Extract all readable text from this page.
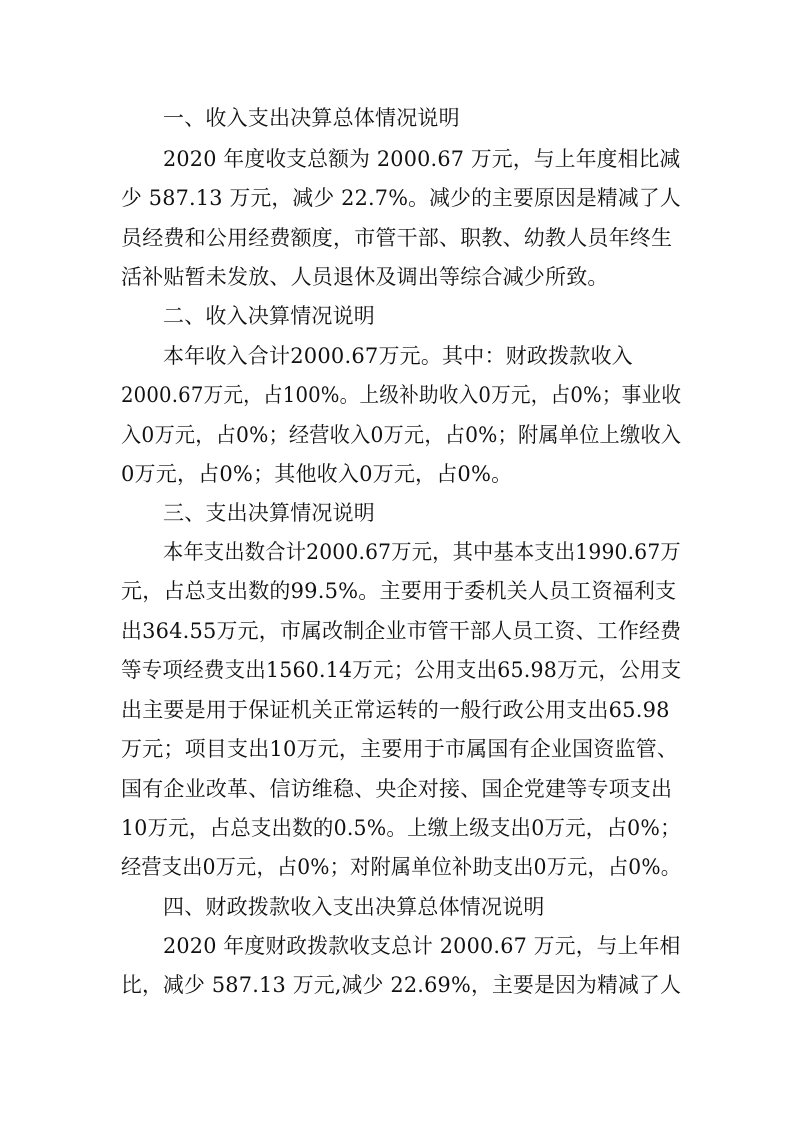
一、收入支出决算总体情况说明

2020 年度收支总额为 2000.67 万元，与上年度相比减

少 587.13 万元，减少 22.7%。减少的主要原因是精减了人

员经费和公用经费额度，市管干部、职教、幼教人员年终生

活补贴暂未发放、人员退休及调出等综合减少所致。

二、收入决算情况说明

本年收入合计2000.67万元。其中：财政拨款收入

2000.67万元，占100%。上级补助收入0万元，占0%；事业收

入0万元，占0%；经营收入0万元，占0%；附属单位上缴收入

0万元，占0%；其他收入0万元，占0%。

三、支出决算情况说明

本年支出数合计2000.67万元，其中基本支出1990.67万

元，占总支出数的99.5%。主要用于委机关人员工资福利支

出364.55万元，市属改制企业市管干部人员工资、工作经费

等专项经费支出1560.14万元；公用支出65.98万元，公用支

出主要是用于保证机关正常运转的一般行政公用支出65.98

万元；项目支出10万元，主要用于市属国有企业国资监管、

国有企业改革、信访维稳、央企对接、国企党建等专项支出

10万元，占总支出数的0.5%。上缴上级支出0万元，占0%；

经营支出0万元，占0%；对附属单位补助支出0万元，占0%。

四、财政拨款收入支出决算总体情况说明

2020 年度财政拨款收支总计 2000.67 万元，与上年相

比，减少 587.13 万元,减少 22.69%，主要是因为精减了人
